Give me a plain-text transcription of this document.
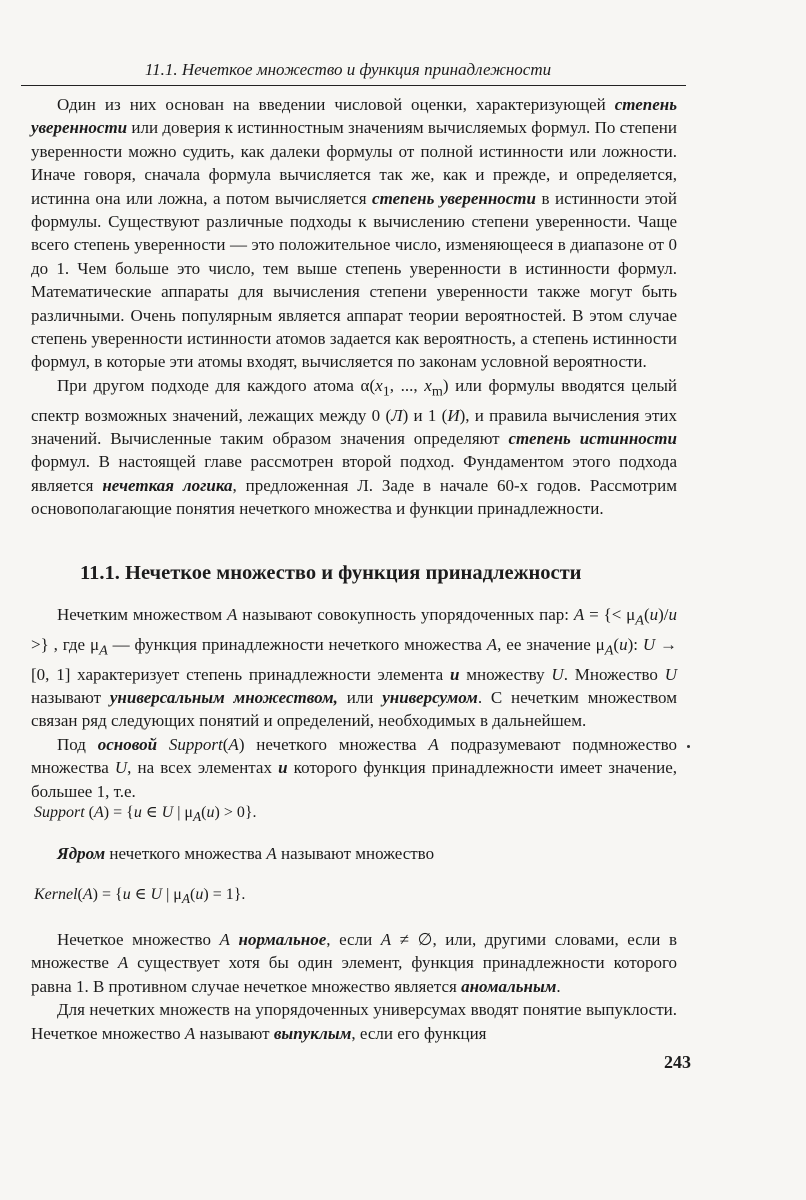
11.1. Нечеткое множество и функция принадлежности

Один из них основан на введении числовой оценки, характеризующей степень уверенности или доверия к истинностным значениям вычисляемых формул. По степени уверенности можно судить, как далеки формулы от полной истинности или ложности. Иначе говоря, сначала формула вычисляется так же, как и прежде, и определяется, истинна она или ложна, а потом вычисляется степень уверенности в истинности этой формулы. Существуют различные подходы к вычислению степени уверенности. Чаще всего степень уверенности — это положительное число, изменяющееся в диапазоне от 0 до 1. Чем больше это число, тем выше степень уверенности в истинности формул. Математические аппараты для вычисления степени уверенности также могут быть различными. Очень популярным является аппарат теории вероятностей. В этом случае степень уверенности истинности атомов задается как вероятность, а степень истинности формул, в которые эти атомы входят, вычисляется по законам условной вероятности.

При другом подходе для каждого атома $\alpha(x_1$, ..., $x_m$) или формулы вводятся целый спектр возможных значений, лежащих между 0 (Л) и 1 (И), и правила вычисления этих значений. Вычисленные таким образом значения определяют степень истинности формул. В настоящей главе рассмотрен второй подход. Фундаментом этого подхода является нечеткая логика, предложенная Л. Заде в начале 60-х годов. Рассмотрим основополагающие понятия нечеткого множества и функции принадлежности.

11.1. Нечеткое множество и функция принадлежности

Нечетким множеством A называют совокупность упорядоченных пар: A = {< $\mu_A(u)/u$ >} , где $\mu_A$ — функция принадлежности нечеткого множества A, ее значение $\mu_A(u)$: U → [0, 1] характеризует степень принадлежности элемента u множеству U. Множество U называют универсальным множеством, или универсумом. С нечетким множеством связан ряд следующих понятий и определений, необходимых в дальнейшем.

Под основой Support(A) нечеткого множества A подразумевают подмножество множества U, на всех элементах u которого функция принадлежности имеет значение, большее 1, т.е.

Support (A) = {u ∈ U | $\mu_A(u) > 0$}.
Ядром нечеткого множества A называют множество
Kernel(A) = {u ∈ U | $\mu_A(u) = 1$}.

Нечеткое множество A нормальное, если A ≠ ∅, или, другими словами, если в множестве A существует хотя бы один элемент, функция принадлежности которого равна 1. В противном случае нечеткое множество является аномальным.

Для нечетких множеств на упорядоченных универсумах вводят понятие выпуклости. Нечеткое множество A называют выпуклым, если его функция

243
